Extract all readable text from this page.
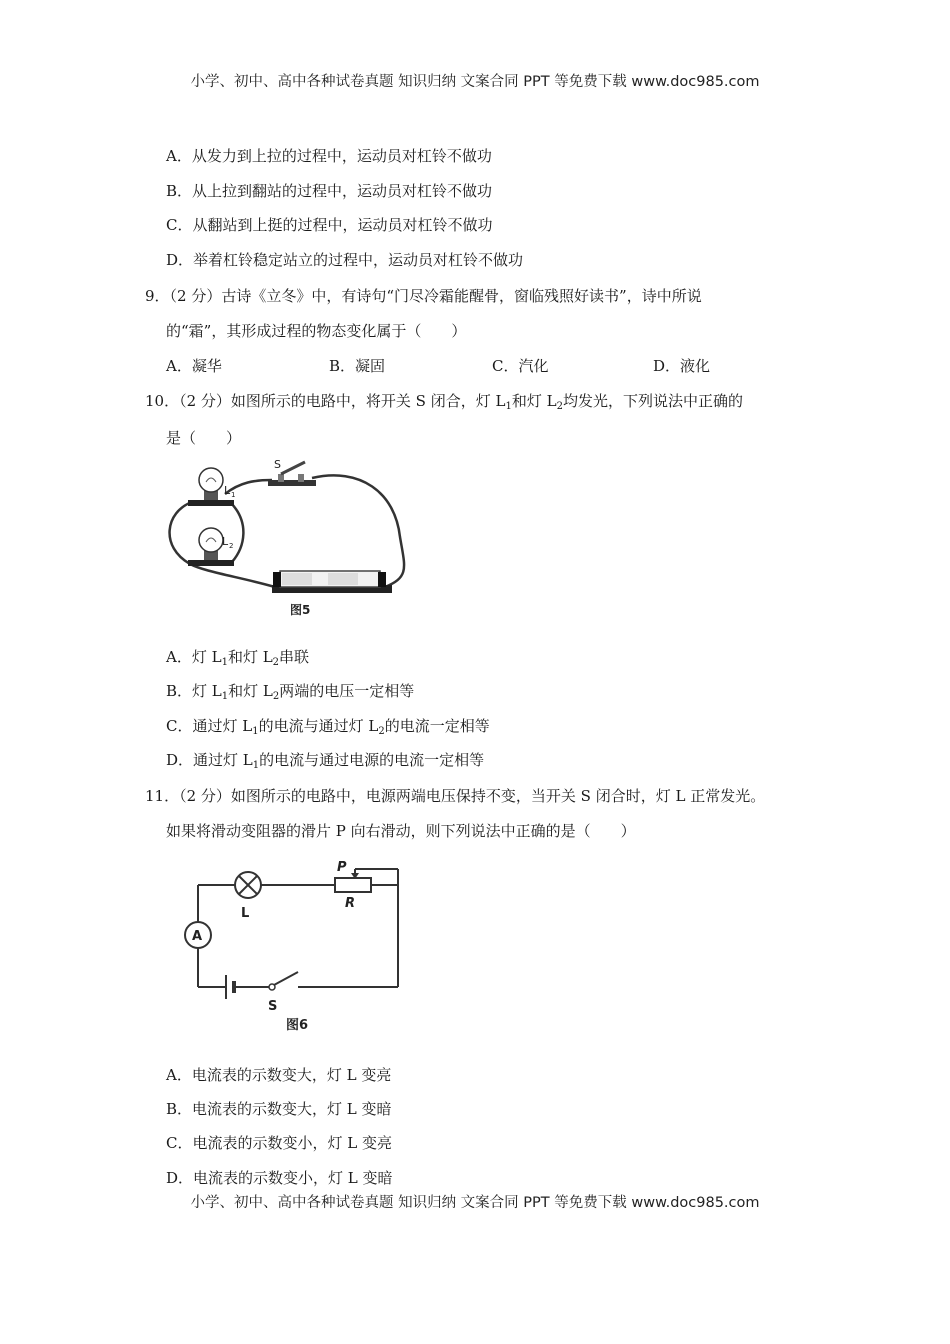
小学、初中、高中各种试卷真题 知识归纳 文案合同 PPT 等免费下载 www.doc985.com
A．从发力到上拉的过程中，运动员对杠铃不做功
B．从上拉到翻站的过程中，运动员对杠铃不做功
C．从翻站到上挺的过程中，运动员对杠铃不做功
D．举着杠铃稳定站立的过程中，运动员对杠铃不做功
9．（2 分）古诗《立冬》中，有诗句“门尽冷霜能醒骨，窗临残照好读书”，诗中所说
的“霜”，其形成过程的物态变化属于（　　）
A．凝华	B．凝固	C．汽化	D．液化
10．（2 分）如图所示的电路中，将开关 S 闭合，灯 $L_1$和灯 $L_2$均发光，下列说法中正确的
是（　　）
L 1
L 2
S
图5
A．灯 $L_1$和灯 $L_2$串联
B．灯 $L_1$和灯 $L_2$两端的电压一定相等
C．通过灯 $L_1$的电流与通过灯 $L_2$的电流一定相等
D．通过灯 $L_1$的电流与通过电源的电流一定相等
11．（2 分）如图所示的电路中，电源两端电压保持不变，当开关 S 闭合时，灯 L 正常发光。
如果将滑动变阻器的滑片 P 向右滑动，则下列说法中正确的是（　　）
L
P
R
A
S
图6
A．电流表的示数变大，灯 L 变亮
B．电流表的示数变大，灯 L 变暗
C．电流表的示数变小，灯 L 变亮
D．电流表的示数变小，灯 L 变暗
小学、初中、高中各种试卷真题 知识归纳 文案合同 PPT 等免费下载 www.doc985.com
